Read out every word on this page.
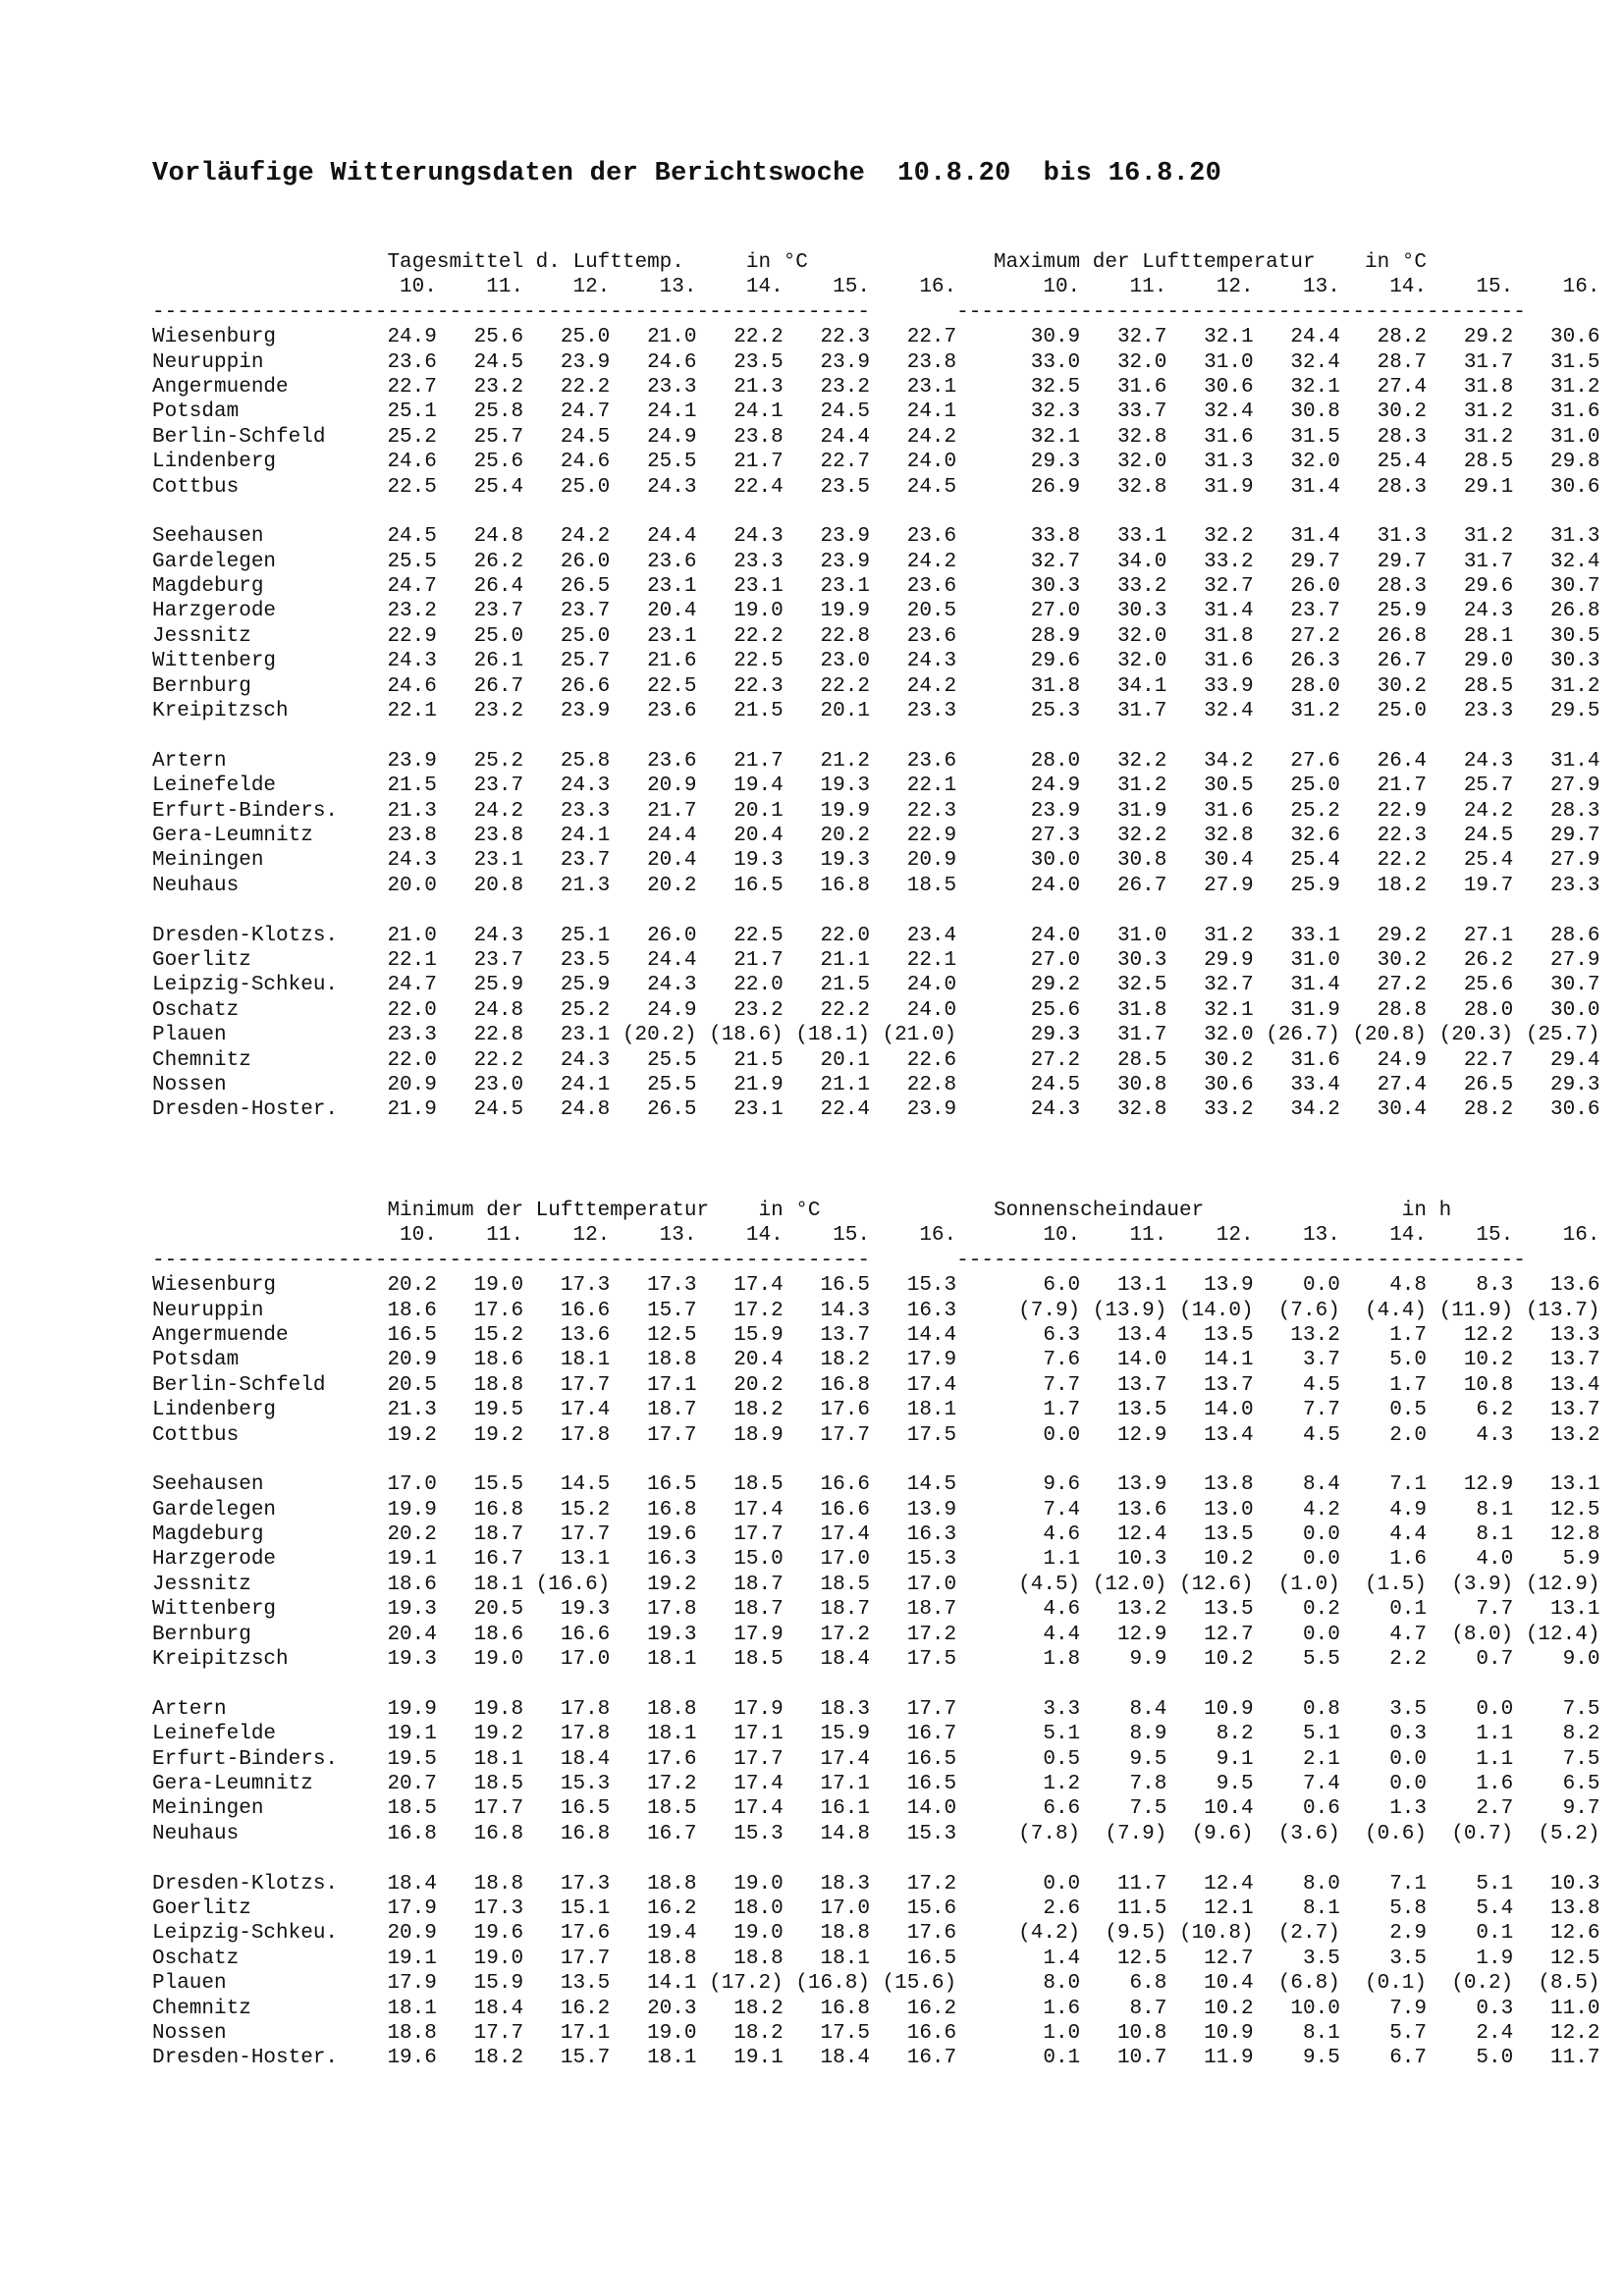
Vorläufige Witterungsdaten der Berichtswoche  10.8.20  bis 16.8.20
Tagesmittel d. Lufttemp.     in °C               Maximum der Lufttemperatur    in °C
10.    11.    12.    13.    14.    15.    16.       10.    11.    12.    13.    14.    15.    16.
----------------------------------------------------------       ----------------------------------------------
Wiesenburg         24.9   25.6   25.0   21.0   22.2   22.3   22.7      30.9   32.7   32.1   24.4   28.2   29.2   30.6
Neuruppin          23.6   24.5   23.9   24.6   23.5   23.9   23.8      33.0   32.0   31.0   32.4   28.7   31.7   31.5
Angermuende        22.7   23.2   22.2   23.3   21.3   23.2   23.1      32.5   31.6   30.6   32.1   27.4   31.8   31.2
Potsdam            25.1   25.8   24.7   24.1   24.1   24.5   24.1      32.3   33.7   32.4   30.8   30.2   31.2   31.6
Berlin-Schfeld     25.2   25.7   24.5   24.9   23.8   24.4   24.2      32.1   32.8   31.6   31.5   28.3   31.2   31.0
Lindenberg         24.6   25.6   24.6   25.5   21.7   22.7   24.0      29.3   32.0   31.3   32.0   25.4   28.5   29.8
Cottbus            22.5   25.4   25.0   24.3   22.4   23.5   24.5      26.9   32.8   31.9   31.4   28.3   29.1   30.6
Seehausen          24.5   24.8   24.2   24.4   24.3   23.9   23.6      33.8   33.1   32.2   31.4   31.3   31.2   31.3
Gardelegen         25.5   26.2   26.0   23.6   23.3   23.9   24.2      32.7   34.0   33.2   29.7   29.7   31.7   32.4
Magdeburg          24.7   26.4   26.5   23.1   23.1   23.1   23.6      30.3   33.2   32.7   26.0   28.3   29.6   30.7
Harzgerode         23.2   23.7   23.7   20.4   19.0   19.9   20.5      27.0   30.3   31.4   23.7   25.9   24.3   26.8
Jessnitz           22.9   25.0   25.0   23.1   22.2   22.8   23.6      28.9   32.0   31.8   27.2   26.8   28.1   30.5
Wittenberg         24.3   26.1   25.7   21.6   22.5   23.0   24.3      29.6   32.0   31.6   26.3   26.7   29.0   30.3
Bernburg           24.6   26.7   26.6   22.5   22.3   22.2   24.2      31.8   34.1   33.9   28.0   30.2   28.5   31.2
Kreipitzsch        22.1   23.2   23.9   23.6   21.5   20.1   23.3      25.3   31.7   32.4   31.2   25.0   23.3   29.5
Artern             23.9   25.2   25.8   23.6   21.7   21.2   23.6      28.0   32.2   34.2   27.6   26.4   24.3   31.4
Leinefelde         21.5   23.7   24.3   20.9   19.4   19.3   22.1      24.9   31.2   30.5   25.0   21.7   25.7   27.9
Erfurt-Binders.    21.3   24.2   23.3   21.7   20.1   19.9   22.3      23.9   31.9   31.6   25.2   22.9   24.2   28.3
Gera-Leumnitz      23.8   23.8   24.1   24.4   20.4   20.2   22.9      27.3   32.2   32.8   32.6   22.3   24.5   29.7
Meiningen          24.3   23.1   23.7   20.4   19.3   19.3   20.9      30.0   30.8   30.4   25.4   22.2   25.4   27.9
Neuhaus            20.0   20.8   21.3   20.2   16.5   16.8   18.5      24.0   26.7   27.9   25.9   18.2   19.7   23.3
Dresden-Klotzs.    21.0   24.3   25.1   26.0   22.5   22.0   23.4      24.0   31.0   31.2   33.1   29.2   27.1   28.6
Goerlitz           22.1   23.7   23.5   24.4   21.7   21.1   22.1      27.0   30.3   29.9   31.0   30.2   26.2   27.9
Leipzig-Schkeu.    24.7   25.9   25.9   24.3   22.0   21.5   24.0      29.2   32.5   32.7   31.4   27.2   25.6   30.7
Oschatz            22.0   24.8   25.2   24.9   23.2   22.2   24.0      25.6   31.8   32.1   31.9   28.8   28.0   30.0
Plauen             23.3   22.8   23.1 (20.2) (18.6) (18.1) (21.0)      29.3   31.7   32.0 (26.7) (20.8) (20.3) (25.7)
Chemnitz           22.0   22.2   24.3   25.5   21.5   20.1   22.6      27.2   28.5   30.2   31.6   24.9   22.7   29.4
Nossen             20.9   23.0   24.1   25.5   21.9   21.1   22.8      24.5   30.8   30.6   33.4   27.4   26.5   29.3
Dresden-Hoster.    21.9   24.5   24.8   26.5   23.1   22.4   23.9      24.3   32.8   33.2   34.2   30.4   28.2   30.6
Minimum der Lufttemperatur    in °C              Sonnenscheindauer                in h
10.    11.    12.    13.    14.    15.    16.       10.    11.    12.    13.    14.    15.    16.
----------------------------------------------------------       ----------------------------------------------
Wiesenburg         20.2   19.0   17.3   17.3   17.4   16.5   15.3       6.0   13.1   13.9    0.0    4.8    8.3   13.6
Neuruppin          18.6   17.6   16.6   15.7   17.2   14.3   16.3     (7.9) (13.9) (14.0)  (7.6)  (4.4) (11.9) (13.7)
Angermuende        16.5   15.2   13.6   12.5   15.9   13.7   14.4       6.3   13.4   13.5   13.2    1.7   12.2   13.3
Potsdam            20.9   18.6   18.1   18.8   20.4   18.2   17.9       7.6   14.0   14.1    3.7    5.0   10.2   13.7
Berlin-Schfeld     20.5   18.8   17.7   17.1   20.2   16.8   17.4       7.7   13.7   13.7    4.5    1.7   10.8   13.4
Lindenberg         21.3   19.5   17.4   18.7   18.2   17.6   18.1       1.7   13.5   14.0    7.7    0.5    6.2   13.7
Cottbus            19.2   19.2   17.8   17.7   18.9   17.7   17.5       0.0   12.9   13.4    4.5    2.0    4.3   13.2
Seehausen          17.0   15.5   14.5   16.5   18.5   16.6   14.5       9.6   13.9   13.8    8.4    7.1   12.9   13.1
Gardelegen         19.9   16.8   15.2   16.8   17.4   16.6   13.9       7.4   13.6   13.0    4.2    4.9    8.1   12.5
Magdeburg          20.2   18.7   17.7   19.6   17.7   17.4   16.3       4.6   12.4   13.5    0.0    4.4    8.1   12.8
Harzgerode         19.1   16.7   13.1   16.3   15.0   17.0   15.3       1.1   10.3   10.2    0.0    1.6    4.0    5.9
Jessnitz           18.6   18.1 (16.6)   19.2   18.7   18.5   17.0     (4.5) (12.0) (12.6)  (1.0)  (1.5)  (3.9) (12.9)
Wittenberg         19.3   20.5   19.3   17.8   18.7   18.7   18.7       4.6   13.2   13.5    0.2    0.1    7.7   13.1
Bernburg           20.4   18.6   16.6   19.3   17.9   17.2   17.2       4.4   12.9   12.7    0.0    4.7  (8.0) (12.4)
Kreipitzsch        19.3   19.0   17.0   18.1   18.5   18.4   17.5       1.8    9.9   10.2    5.5    2.2    0.7    9.0
Artern             19.9   19.8   17.8   18.8   17.9   18.3   17.7       3.3    8.4   10.9    0.8    3.5    0.0    7.5
Leinefelde         19.1   19.2   17.8   18.1   17.1   15.9   16.7       5.1    8.9    8.2    5.1    0.3    1.1    8.2
Erfurt-Binders.    19.5   18.1   18.4   17.6   17.7   17.4   16.5       0.5    9.5    9.1    2.1    0.0    1.1    7.5
Gera-Leumnitz      20.7   18.5   15.3   17.2   17.4   17.1   16.5       1.2    7.8    9.5    7.4    0.0    1.6    6.5
Meiningen          18.5   17.7   16.5   18.5   17.4   16.1   14.0       6.6    7.5   10.4    0.6    1.3    2.7    9.7
Neuhaus            16.8   16.8   16.8   16.7   15.3   14.8   15.3     (7.8)  (7.9)  (9.6)  (3.6)  (0.6)  (0.7)  (5.2)
Dresden-Klotzs.    18.4   18.8   17.3   18.8   19.0   18.3   17.2       0.0   11.7   12.4    8.0    7.1    5.1   10.3
Goerlitz           17.9   17.3   15.1   16.2   18.0   17.0   15.6       2.6   11.5   12.1    8.1    5.8    5.4   13.8
Leipzig-Schkeu.    20.9   19.6   17.6   19.4   19.0   18.8   17.6     (4.2)  (9.5) (10.8)  (2.7)    2.9    0.1   12.6
Oschatz            19.1   19.0   17.7   18.8   18.8   18.1   16.5       1.4   12.5   12.7    3.5    3.5    1.9   12.5
Plauen             17.9   15.9   13.5   14.1 (17.2) (16.8) (15.6)       8.0    6.8   10.4  (6.8)  (0.1)  (0.2)  (8.5)
Chemnitz           18.1   18.4   16.2   20.3   18.2   16.8   16.2       1.6    8.7   10.2   10.0    7.9    0.3   11.0
Nossen             18.8   17.7   17.1   19.0   18.2   17.5   16.6       1.0   10.8   10.9    8.1    5.7    2.4   12.2
Dresden-Hoster.    19.6   18.2   15.7   18.1   19.1   18.4   16.7       0.1   10.7   11.9    9.5    6.7    5.0   11.7
